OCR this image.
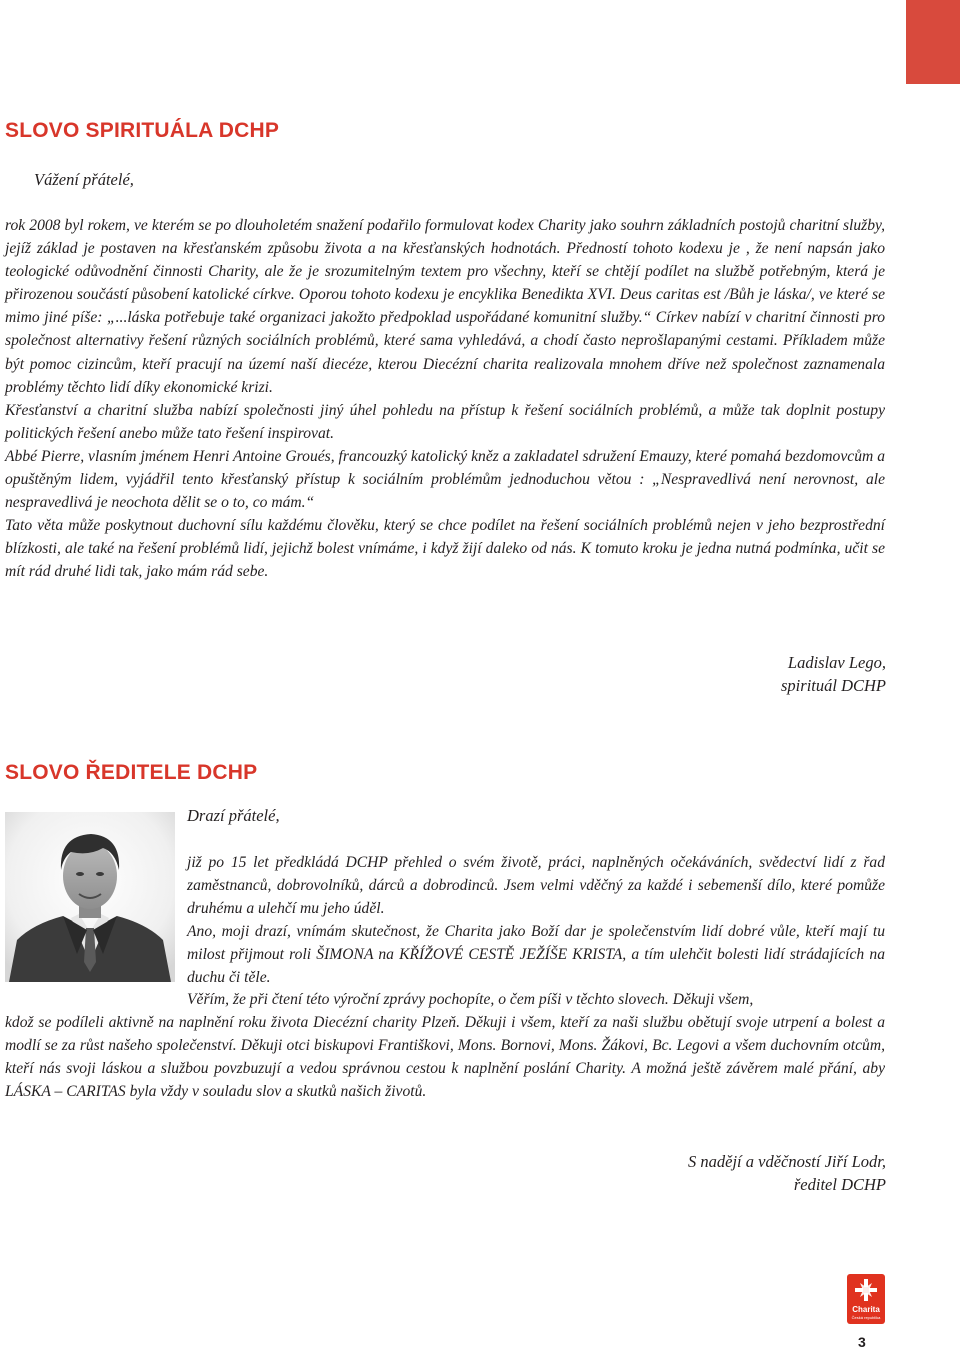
SLOVO SPIRITUÁLA DCHP

Vážení přátelé,

rok 2008 byl rokem, ve kterém se po dlouholetém snažení podařilo formulovat kodex Charity jako souhrn základních postojů charitní služby, jejíž základ je postaven na křesťanském způsobu života a na křesťanských hodnotách. Předností tohoto kodexu je , že není napsán jako teologické odůvodnění činnosti Charity, ale že je srozumitelným textem pro všechny, kteří se chtějí podílet na službě potřebným, která je přirozenou součástí působení katolické církve. Oporou tohoto kodexu je encyklika Benedikta XVI. Deus caritas est /Bůh je láska/, ve které se mimo jiné píše: „...láska potřebuje také organizaci jakožto předpoklad uspořádané komunitní služby.“ Církev nabízí v charitní činnosti pro společnost alternativy řešení různých sociálních problémů, které sama vyhledává, a chodí často neprošlapanými cestami. Příkladem může být pomoc cizincům, kteří pracují na území naší diecéze, kterou Diecézní charita realizovala mnohem dříve než společnost zaznamenala problémy těchto lidí díky ekonomické krizi.

Křesťanství a charitní služba nabízí společnosti jiný úhel pohledu na přístup k řešení sociálních problémů, a může tak doplnit postupy politických řešení anebo může tato řešení inspirovat.

Abbé Pierre, vlasním jménem Henri Antoine Groués, francouzký katolický kněz a zakladatel sdružení Emauzy, které pomahá bezdomovcům a opuštěným lidem, vyjádřil tento křesťanský přístup k sociálním problémům jednoduchou větou : „Nespravedlivá není nerovnost, ale nespravedlivá je neochota dělit se o to, co mám.“

Tato věta může poskytnout duchovní sílu každému člověku, který se chce podílet na řešení sociálních problémů nejen v jeho bezprostřední blízkosti, ale také na řešení problémů lidí, jejichž bolest vnímáme, i když žijí daleko od nás. K tomuto kroku je jedna nutná podmínka, učit se mít rád druhé lidi tak, jako mám rád sebe.

Ladislav Lego,
spirituál DCHP
SLOVO ŘEDITELE DCHP

Drazí přátelé,

již po 15 let předkládá DCHP přehled o svém životě, práci, naplněných očekáváních, svědectví lidí z řad zaměstnanců, dobrovolníků, dárců a dobrodinců. Jsem velmi vděčný za každé i sebemenší dílo, které pomůže druhému a ulehčí mu jeho úděl.

Ano, moji drazí, vnímám skutečnost, že Charita jako Boží dar je společenstvím lidí dobré vůle, kteří mají tu milost přijmout roli ŠIMONA na KŘÍŽOVÉ CESTĚ JEŽÍŠE KRISTA, a tím ulehčit bolesti lidí strádajících na duchu či těle.

Věřím, že při čtení této výroční zprávy pochopíte, o čem píši v těchto slovech. Děkuji všem,

kdož se podíleli aktivně na naplnění roku života Diecézní charity Plzeň. Děkuji i všem, kteří za naši službu obětují svoje utrpení a bolest a modlí se za růst našeho společenství. Děkuji otci biskupovi Františkovi, Mons. Bornovi, Mons. Žákovi, Bc. Legovi a všem duchovním otcům, kteří nás svoji láskou a službou povzbuzují a vedou správnou cestou k naplnění poslání Charity. A možná ještě závěrem malé přání, aby LÁSKA – CARITAS byla vždy v souladu slov a skutků našich životů.

S nadějí a vděčností Jiří Lodr,
ředitel DCHP
Charita
Česká republika

3
